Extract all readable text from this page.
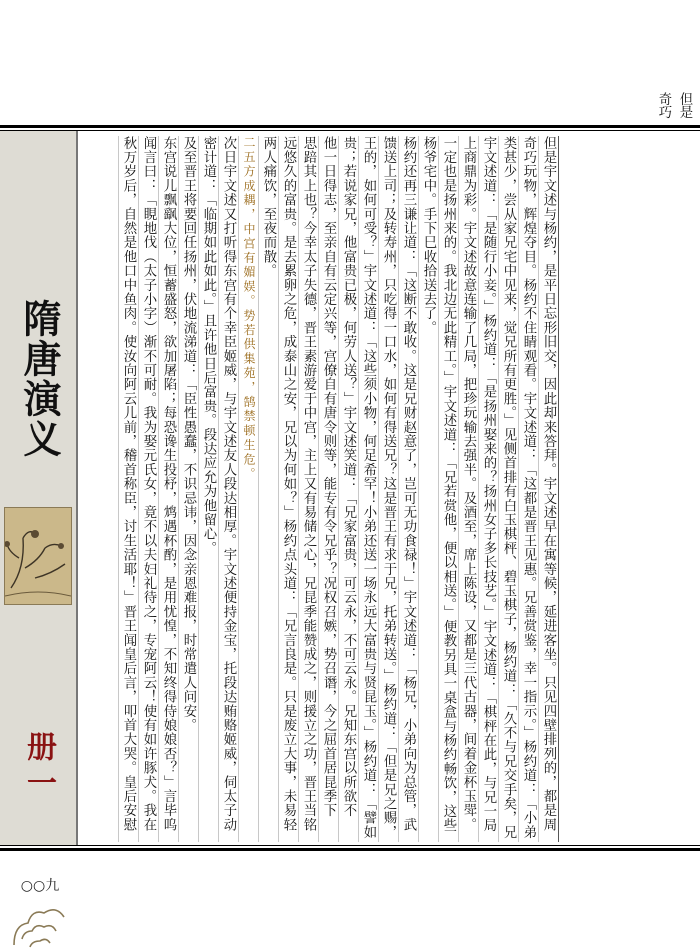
但是
奇巧
隋唐演义
册一
○○九
但是宇文述与杨约，是平日忘形旧交，因此却来答拜。宇文述早在寓等候，延进客坐。只见四壁排列的，都是周
奇巧玩物，辉煌夺目。杨约不住睛观看。宇文述道：「这都是晋王见惠。兄善赏鉴，幸一指示。」杨约道：「小弟
类甚少，尝从家兄宅中见来，觉兄所有更胜。」见侧首排有白玉棋枰、碧玉棋子，杨约道：「久不与兄交手矣，兄
宇文述道：「是随行小妾。」杨约道：「是扬州娶来的？扬州女子多长技艺。」宇文述道：「棋枰在此，与兄一局
上商鼎为彩。宇文述故意连输了几局，把珍玩输去强半。及酒至，席上陈设，又都是三代古器，间着金杯玉斝。
一定也是扬州来的。我北边无此精工。」宇文述道：「兄若赏他，便以相送。」便教另具一桌盒与杨约畅饮，这些
杨爷宅中。手下巳收拾送去了。
杨约还再三谦让道：「这断不敢收。这是兄财赵意了，岂可无功食禄！」宇文述道：「杨兄，小弟向为总管，武
馈送上司；及转寿州，只吃得一口水，如何有得送兄？这是晋王有求于兄，托弟转送。」杨约道：「但是兄之赐，
王的，如何可受？」宇文述道：「这些须小物，何足希罕！小弟还送一场永远大富贵与贤昆玉。」杨约道：「譬如
贵；若说家兄，他富贵已极，何劳人送？」宇文述笑道：「兄家富贵，可云永，不可云永。兄知东宫以所欲不
他一日得志，至亲自有云定兴等，宫僚自有唐令则等，能专有令兄乎？况权召嫉，势召谮，今之屈首居昆季下
思踣其上也？今幸太子失德，晋王素游爱于中宫，主上又有易储之心，兄昆季能赞成之，则援立之功，晋王当铭
远悠久的富贵。是去累卵之危，成泰山之安，兄以为何如？」杨约点头道：「兄言良是。只是废立大事，未易轻
两人痛饮，至夜而散。
二五方成耦，中宫有媚娱。势若供集苑，鹄禁顿生危。
次日宇文述又打听得东宫有个幸臣姬威，与宇文述友人段达相厚。宇文述便持金宝，托段达贿赂姬威，伺太子动
密计道：「临期如此如此。」且许他日后富贵。段达应允为他留心。
及至晋王将要回任扬州，伏地流涕道：「臣性愚蠢，不识忌讳，因念亲恩难报，时常遣人问安。
东宫说儿飘飖大位，恒蓄盛怒，欲加屠陷；每恐谗生投杼，鸩遇杯酌，是用忧惶，不知终得侍娘娘否？」言毕呜
闻言曰：「睍地伐（太子小字）渐不可耐。我为娶元氏女，竟不以夫妇礼待之，专宠阿云！使有如许豚犬。我在
秋万岁后，自然是他口中鱼肉。使汝向阿云儿前，稽首称臣，讨生活耶！」晋王闻皇后言，叩首大哭。皇后安慰
